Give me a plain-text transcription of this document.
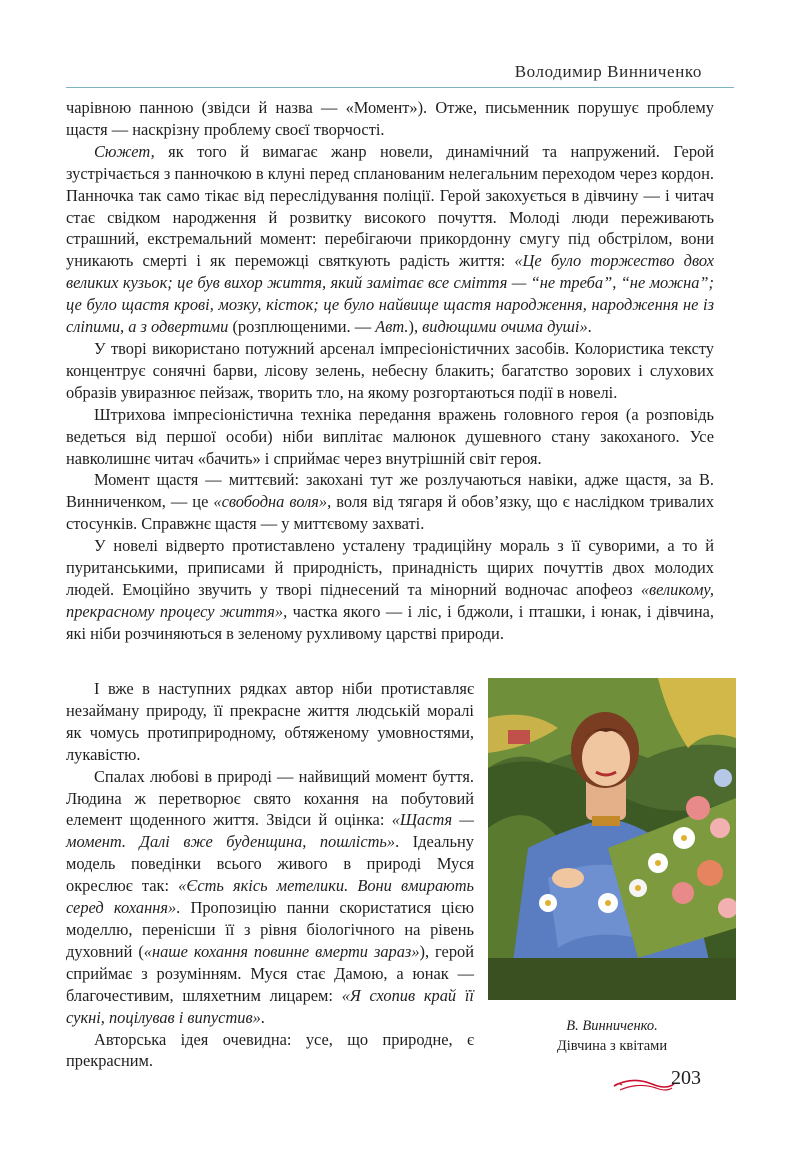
Володимир Винниченко

чарівною панною (звідси й назва — «Момент»). Отже, письменник порушує проблему щастя — наскрізну проблему своєї творчості.

Сюжет, як того й вимагає жанр новели, динамічний та напружений. Герой зустрічається з панночкою в клуні перед спланованим нелегальним переходом через кордон. Панночка так само тікає від переслідування поліції. Герой закохується в дівчину — і читач стає свідком народження й розвитку високого почуття. Молоді люди переживають страшний, екстремальний момент: перебігаючи прикордонну смугу під обстрілом, вони уникають смерті і як переможці святкують радість життя: «Це було торжество двох великих кузьок; це був вихор життя, який замітає все сміття — “не треба”, “не можна”; це було щастя крові, мозку, кісток; це було найвище щастя народження, народження не із сліпими, а з одвертими (розплющеними. — Авт.), видющими очима душі».

У творі використано потужний арсенал імпресіоністичних засобів. Колористика тексту концентрує сонячні барви, лісову зелень, небесну блакить; багатство зорових і слухових образів увиразнює пейзаж, творить тло, на якому розгортаються події в новелі.

Штрихова імпресіоністична техніка передання вражень головного героя (а розповідь ведеться від першої особи) ніби виплітає малюнок душевного стану закоханого. Усе навколишнє читач «бачить» і сприймає через внутрішній світ героя.

Момент щастя — миттєвий: закохані тут же розлучаються навіки, адже щастя, за В. Винниченком, — це «свободна воля», воля від тягаря й обов’язку, що є наслідком тривалих стосунків. Справжнє щастя — у миттєвому захваті.

У новелі відверто протиставлено усталену традиційну мораль з її суворими, а то й пуританськими, приписами й природність, принадність щирих почуттів двох молодих людей. Емоційно звучить у творі піднесений та мінорний водночас апофеоз «великому, прекрасному процесу життя», частка якого — і ліс, і бджоли, і пташки, і юнак, і дівчина, які ніби розчиняються в зеленому рухливому царстві природи.

І вже в наступних рядках автор ніби протиставляє незайману природу, її прекрасне життя людській моралі як чомусь протиприродному, обтяженому умовностями, лукавістю.

Спалах любові в природі — найвищий момент буття. Людина ж перетворює свято кохання на побутовий елемент щоденного життя. Звідси й оцінка: «Щастя — момент. Далі вже буденщина, пошлість». Ідеальну модель поведінки всього живого в природі Муся окреслює так: «Єсть якісь метелики. Вони вмирають серед кохання». Пропозицію панни скористатися цією моделлю, перенісши її з рівня біологічного на рівень духовний («наше кохання повинне вмерти зараз»), герой сприймає з розумінням. Муся стає Дамою, а юнак — благочестивим, шляхетним лицарем: «Я схопив край її сукні, поцілував і випустив».

Авторська ідея очевидна: усе, що природне, є прекрасним.

В. Винниченко.
Дівчина з квітами
203
